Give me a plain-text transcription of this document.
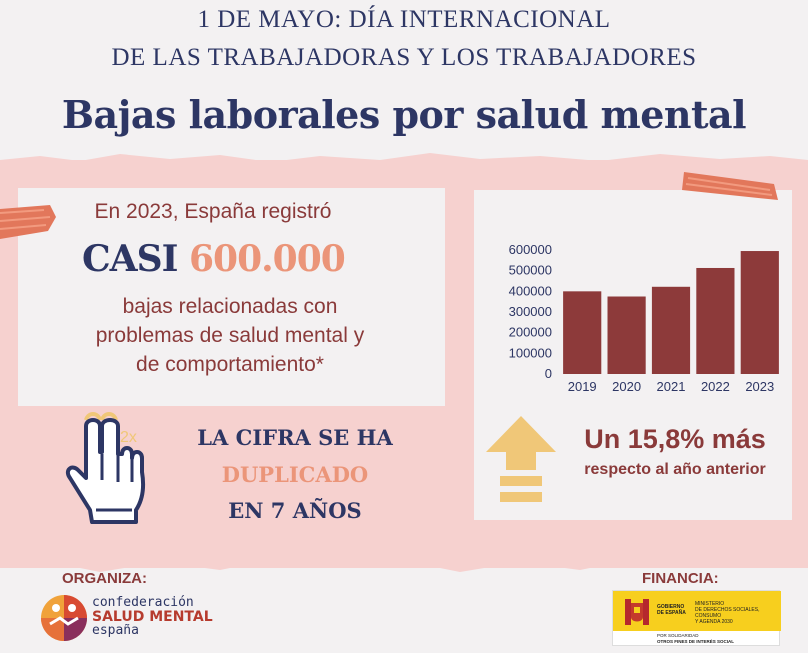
1 DE MAYO: DÍA INTERNACIONAL
DE LAS TRABAJADORAS Y LOS TRABAJADORES
Bajas laborales por salud mental
En 2023, España registró
CASI 600.000
bajas relacionadas con
problemas de salud mental y
de comportamiento*
2x	LA CIFRA SE HA
DUPLICADO
EN 7 AÑOS
0
100000
200000
300000
400000
500000
600000
2019 2020 2021 2022 2023
Un 15,8% más
respecto al año anterior
ORGANIZA:	FINANCIA:
confederación
SALUD MENTAL
españa
GOBIERNO
DE ESPAÑA
MINISTERIO
DE DERECHOS SOCIALES, CONSUMO
Y AGENDA 2030
POR SOLIDARIDAD
OTROS FINES DE INTERÉS SOCIAL
